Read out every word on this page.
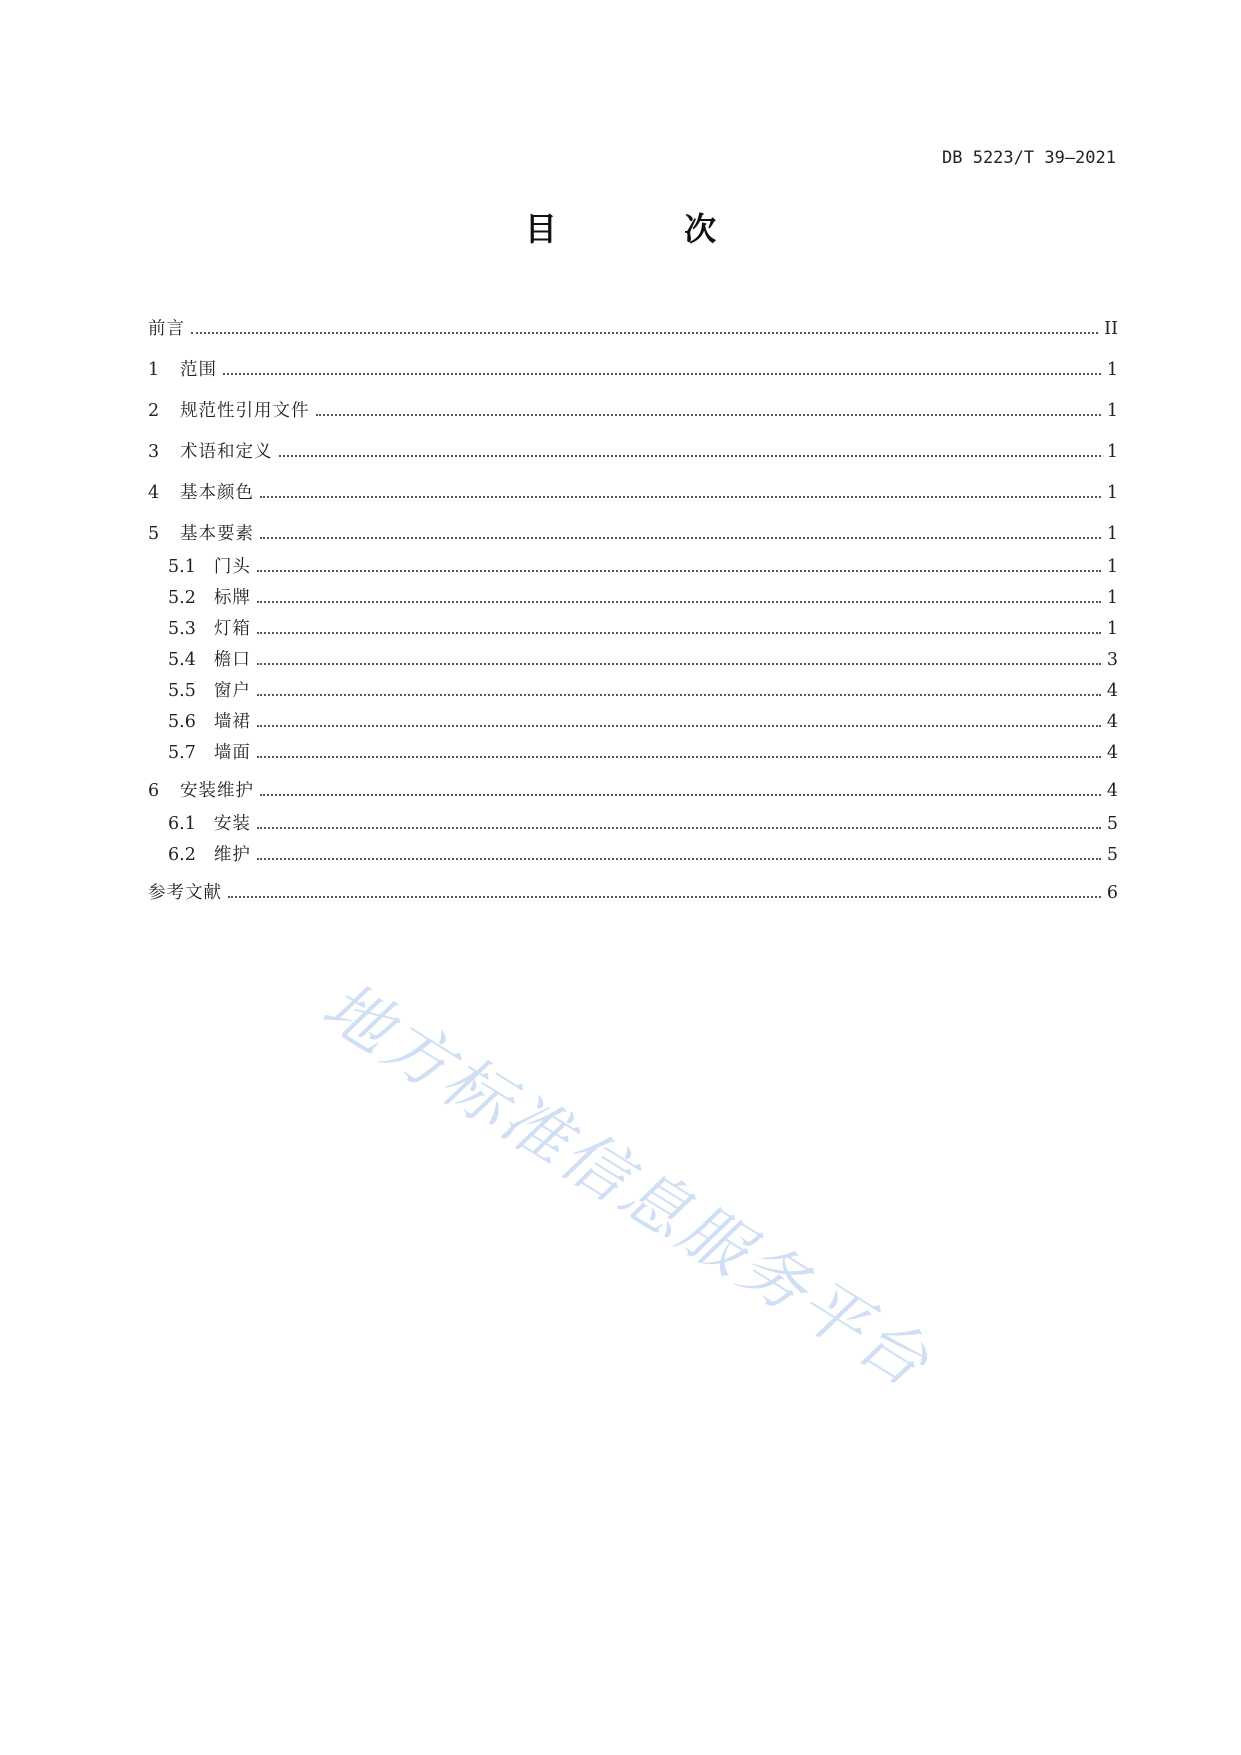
DB 5223/T 39—2021
目 次
前言	II
1 范围	1
2 规范性引用文件	1
3 术语和定义	1
4 基本颜色	1
5 基本要素	1
5.1 门头	1
5.2 标牌	1
5.3 灯箱	1
5.4 檐口	3
5.5 窗户	4
5.6 墙裙	4
5.7 墙面	4
6 安装维护	4
6.1 安装	5
6.2 维护	5
参考文献	6
地方标准信息服务平台
